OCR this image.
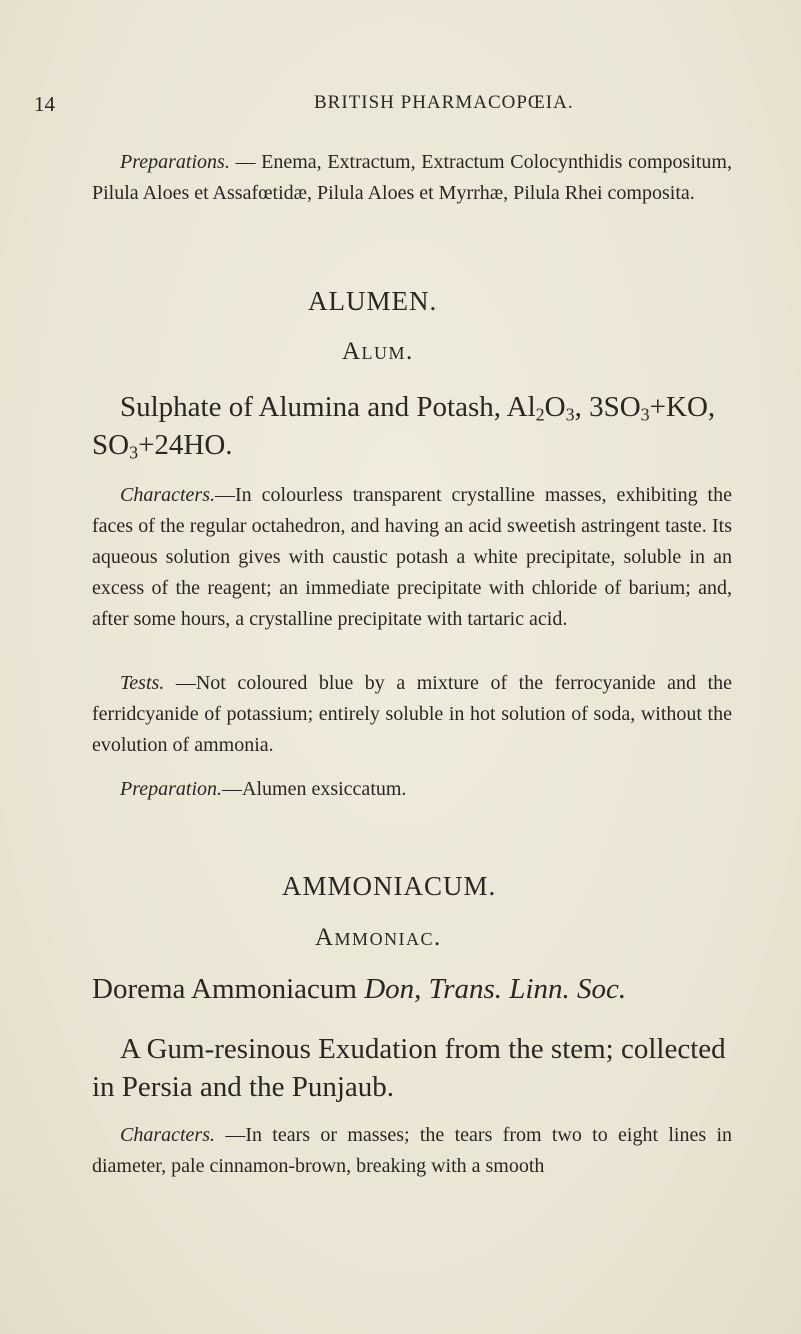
14	BRITISH PHARMACOPŒIA.
Preparations. — Enema, Extractum, Extractum Colocynthidis compositum, Pilula Aloes et Assafœtidæ, Pilula Aloes et Myrrhæ, Pilula Rhei composita.
ALUMEN.
Alum.
Sulphate of Alumina and Potash, $Al_2O_3$, $3SO_3+KO$, $SO_3+24HO$.
Characters.—In colourless transparent crystalline masses, exhibiting the faces of the regular octahedron, and having an acid sweetish astringent taste. Its aqueous solution gives with caustic potash a white precipitate, soluble in an excess of the reagent; an immediate precipitate with chloride of barium; and, after some hours, a crystalline precipitate with tartaric acid.
Tests. —Not coloured blue by a mixture of the ferrocyanide and the ferridcyanide of potassium; entirely soluble in hot solution of soda, without the evolution of ammonia.
Preparation.—Alumen exsiccatum.
AMMONIACUM.
Ammoniac.
Dorema Ammoniacum Don, Trans. Linn. Soc.
A Gum-resinous Exudation from the stem; collected in Persia and the Punjaub.
Characters. —In tears or masses; the tears from two to eight lines in diameter, pale cinnamon-brown, breaking with a smooth
